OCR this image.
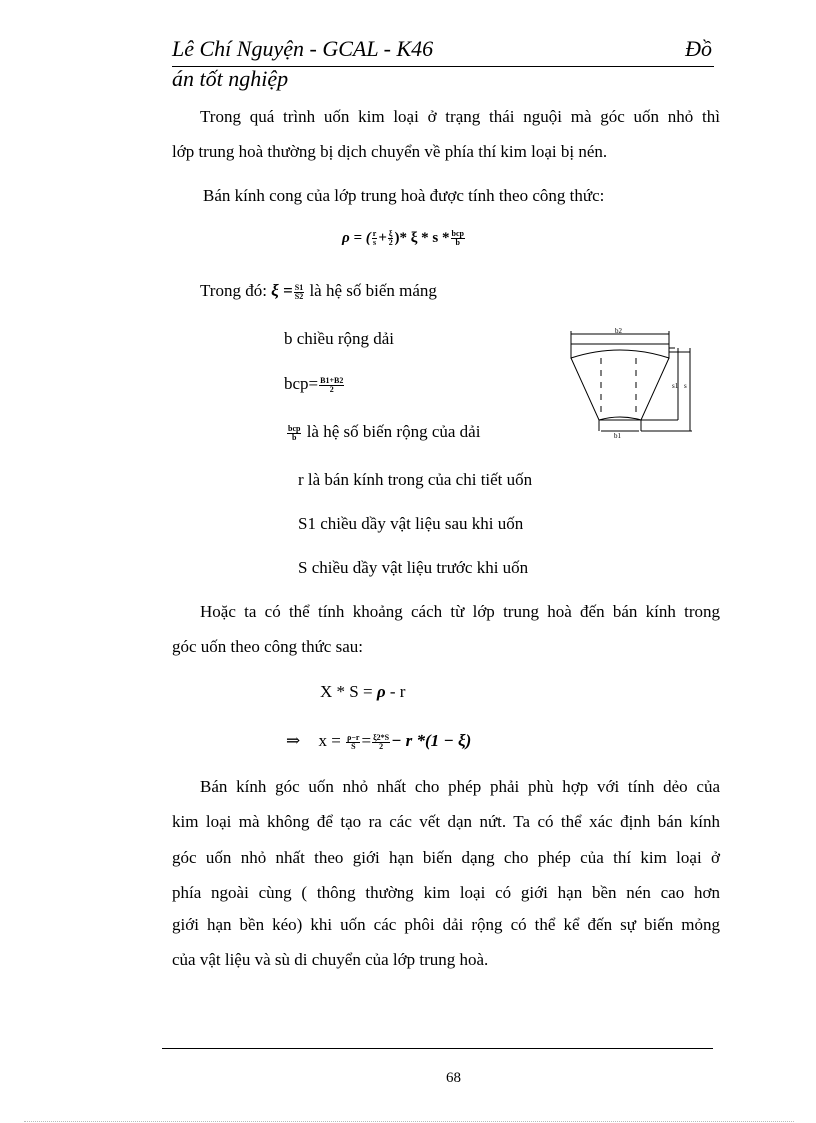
Lê Chí Nguyện - GCAL - K46	Đồ
án tốt nghiệp
Trong quá trình uốn kim loại ở trạng thái nguội mà góc uốn nhỏ thì
lớp trung hoà thường bị dịch chuyển về phía thí kim loại bị nén.
Bán kính cong của lớp trung hoà được tính theo công thức:
ρ = ( $\frac{r}{s} + \frac{\xi}{2}$ )* ξ * s * $\frac{\text{bcp}}{b}$
Trong đó: $\xi = \frac{S1}{S2}$ là hệ số biến máng
b chiều rộng dải
$bcp= \frac{B1+B2}{2}$
$\frac{\text{bcp}}{b}$ là hệ số biến rộng của dải
r là bán kính trong của chi tiết uốn
S1 chiều dầy vật liệu sau khi uốn
S chiều dầy vật liệu trước khi uốn
b2
b1
s1 s
Hoặc ta có thể tính khoảng cách từ lớp trung hoà đến bán kính trong
góc uốn theo công thức sau:
X * S = ρ - r
⇒ $x = \frac{\rho-r}{S} = \frac{\xi 2*S}{2} - r$ *(1 − ξ)
Bán kính góc uốn nhỏ nhất cho phép phải phù hợp với tính dẻo của
kim loại mà không để tạo ra các vết dạn nứt. Ta có thể xác định bán kính
góc uốn nhỏ nhất theo giới hạn biến dạng cho phép của thí kim loại ở
phía ngoài cùng ( thông thường kim loại có giới hạn bền nén cao hơn
giới hạn bền kéo) khi uốn các phôi dải rộng có thể kể đến sự biến mỏng
của vật liệu và sù di chuyển của lớp trung hoà.
68
